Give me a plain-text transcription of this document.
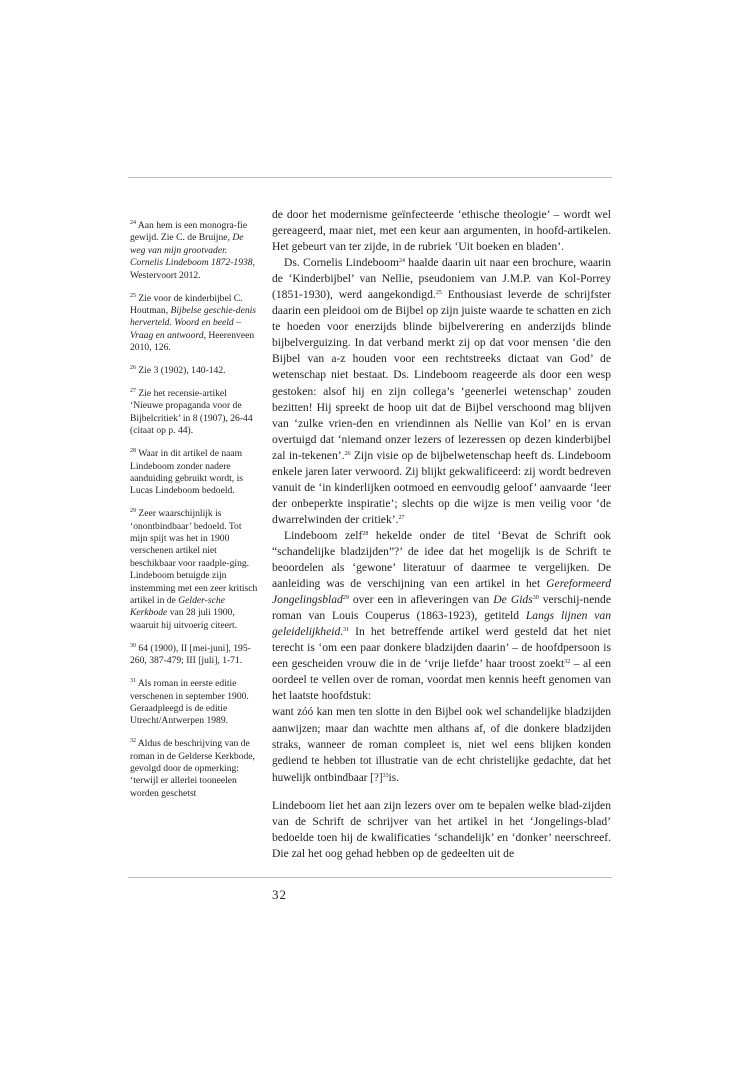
$^{24}$ Aan hem is een monogra-fie gewijd. Zie C. de Bruijne, De weg van mijn grootvader. Cornelis Lindeboom 1872-1938, Westervoort 2012.

$^{25}$ Zie voor de kinderbijbel C. Houtman, Bijbelse geschie-denis herverteld. Woord en beeld – Vraag en antwoord, Heerenveen 2010, 126.

$^{26}$ Zie 3 (1902), 140-142.

$^{27}$ Zie het recensie-artikel ‘Nieuwe propaganda voor de Bijbelcritiek’ in 8 (1907), 26-44 (citaat op p. 44).

$^{28}$ Waar in dit artikel de naam Lindeboom zonder nadere aanduiding gebruikt wordt, is Lucas Lindeboom bedoeld.

$^{29}$ Zeer waarschijnlijk is ‘onontbindbaar’ bedoeld. Tot mijn spijt was het in 1900 verschenen artikel niet beschikbaar voor raadple-ging. Lindeboom betuigde zijn instemming met een zeer kritisch artikel in de Gelder-sche Kerkbode van 28 juli 1900, waaruit hij uitvoerig citeert.

$^{30}$ 64 (1900), II [mei-juni], 195-260, 387-479; III [juli], 1-71.

$^{31}$ Als roman in eerste editie verschenen in september 1900. Geraadpleegd is de editie Utrecht/Antwerpen 1989.

$^{32}$ Aldus de beschrijving van de roman in de Gelderse Kerkbode, gevolgd door de opmerking: ‘terwijl er allerlei tooneelen worden geschetst

de door het modernisme geïnfecteerde ‘ethische theologie’ – wordt wel gereageerd, maar niet, met een keur aan argumenten, in hoofd-artikelen. Het gebeurt van ter zijde, in de rubriek ‘Uit boeken en bladen’.

Ds. Cornelis Lindeboom$^{24}$ haalde daarin uit naar een brochure, waarin de ‘Kinderbijbel’ van Nellie, pseudoniem van J.M.P. van Kol-Porrey (1851-1930), werd aangekondigd.$^{25}$ Enthousiast leverde de schrijfster daarin een pleidooi om de Bijbel op zijn juiste waarde te schatten en zich te hoeden voor enerzijds blinde bijbelverering en anderzijds blinde bijbelverguizing. In dat verband merkt zij op dat voor mensen ‘die den Bijbel van a-z houden voor een rechtstreeks dictaat van God’ de wetenschap niet bestaat. Ds. Lindeboom reageerde als door een wesp gestoken: alsof hij en zijn collega’s ‘geenerlei wetenschap’ zouden bezitten! Hij spreekt de hoop uit dat de Bijbel verschoond mag blijven van ‘zulke vrien-den en vriendinnen als Nellie van Kol’ en is ervan overtuigd dat ‘niemand onzer lezers of lezeressen op dezen kinderbijbel zal in-tekenen’.$^{26}$ Zijn visie op de bijbelwetenschap heeft ds. Lindeboom enkele jaren later verwoord. Zij blijkt gekwalificeerd: zij wordt bedreven vanuit de ‘in kinderlijken ootmoed en eenvoudig geloof’ aanvaarde ‘leer der onbeperkte inspiratie’; slechts op die wijze is men veilig voor ‘de dwarrelwinden der critiek’.$^{27}$

Lindeboom zelf$^{28}$ hekelde onder de titel ‘Bevat de Schrift ook “schandelijke bladzijden”?’ de idee dat het mogelijk is de Schrift te beoordelen als ‘gewone’ literatuur of daarmee te vergelijken. De aanleiding was de verschijning van een artikel in het Gereformeerd Jongelingsblad$^{29}$ over een in afleveringen van De Gids$^{30}$ verschij-nende roman van Louis Couperus (1863-1923), getiteld Langs lijnen van geleidelijkheid.$^{31}$ In het betreffende artikel werd gesteld dat het niet terecht is ‘om een paar donkere bladzijden daarin’ – de hoofdpersoon is een gescheiden vrouw die in de ‘vrije liefde’ haar troost zoekt$^{32}$ – al een oordeel te vellen over de roman, voordat men kennis heeft genomen van het laatste hoofdstuk:

want zóó kan men ten slotte in den Bijbel ook wel schandelijke bladzijden aanwijzen; maar dan wachtte men althans af, of die donkere bladzijden straks, wanneer de roman compleet is, niet wel eens blijken konden gediend te hebben tot illustratie van de echt christelijke gedachte, dat het huwelijk ontbindbaar [?]$^{33}$is.

Lindeboom liet het aan zijn lezers over om te bepalen welke blad-zijden van de Schrift de schrijver van het artikel in het ‘Jongelings-blad’ bedoelde toen hij de kwalificaties ‘schandelijk’ en ‘donker’ neerschreef. Die zal het oog gehad hebben op de gedeelten uit de

32
